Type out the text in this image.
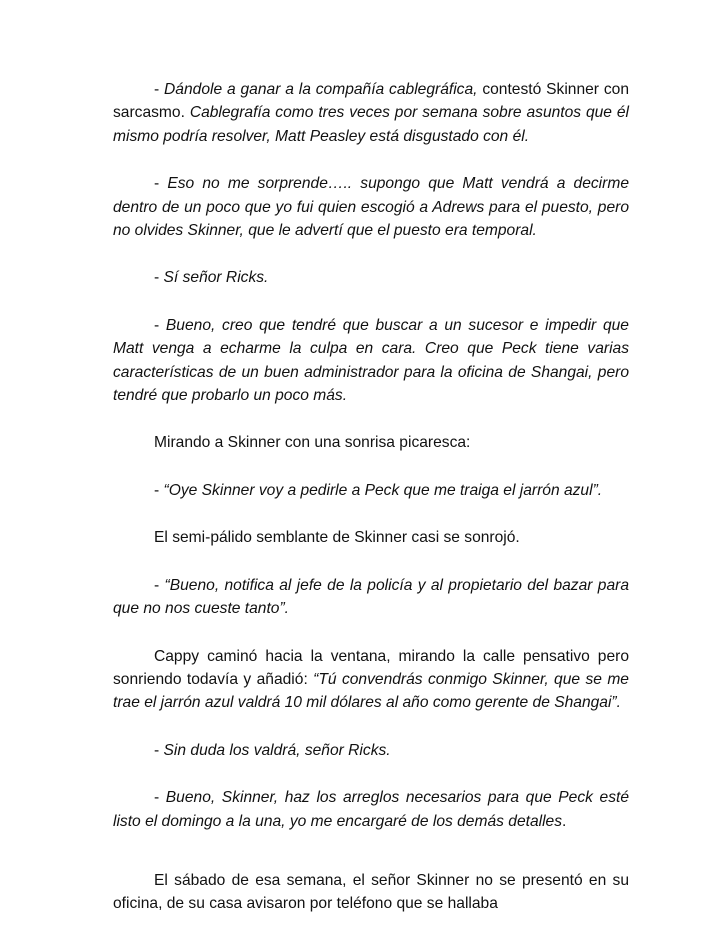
- Dándole a ganar a la compañía cablegráfica, contestó Skinner con sarcasmo. Cablegrafía como tres veces por semana sobre asuntos que él mismo podría resolver, Matt Peasley está disgustado con él.

- Eso no me sorprende….. supongo que Matt vendrá a decirme dentro de un poco que yo fui quien escogió a Adrews para el puesto, pero no olvides Skinner, que le advertí que el puesto era temporal.

- Sí señor Ricks.

- Bueno, creo que tendré que buscar a un sucesor e impedir que Matt venga a echarme la culpa en cara. Creo que Peck tiene varias características de un buen administrador para la oficina de Shangai, pero tendré que probarlo un poco más.

Mirando a Skinner con una sonrisa picaresca:

- “Oye Skinner voy a pedirle a Peck que me traiga el jarrón azul”.

El semi-pálido semblante de Skinner casi se sonrojó.

- “Bueno, notifica al jefe de la policía y al propietario del bazar para que no nos cueste tanto”.

Cappy caminó hacia la ventana, mirando la calle pensativo pero sonriendo todavía y añadió: “Tú convendrás conmigo Skinner, que se me trae el jarrón azul valdrá 10 mil dólares al año como gerente de Shangai”.

- Sin duda los valdrá, señor Ricks.

- Bueno, Skinner, haz los arreglos necesarios para que Peck esté listo el domingo a la una, yo me encargaré de los demás detalles.

El sábado de esa semana, el señor Skinner no se presentó en su oficina, de su casa avisaron por teléfono que se hallaba
